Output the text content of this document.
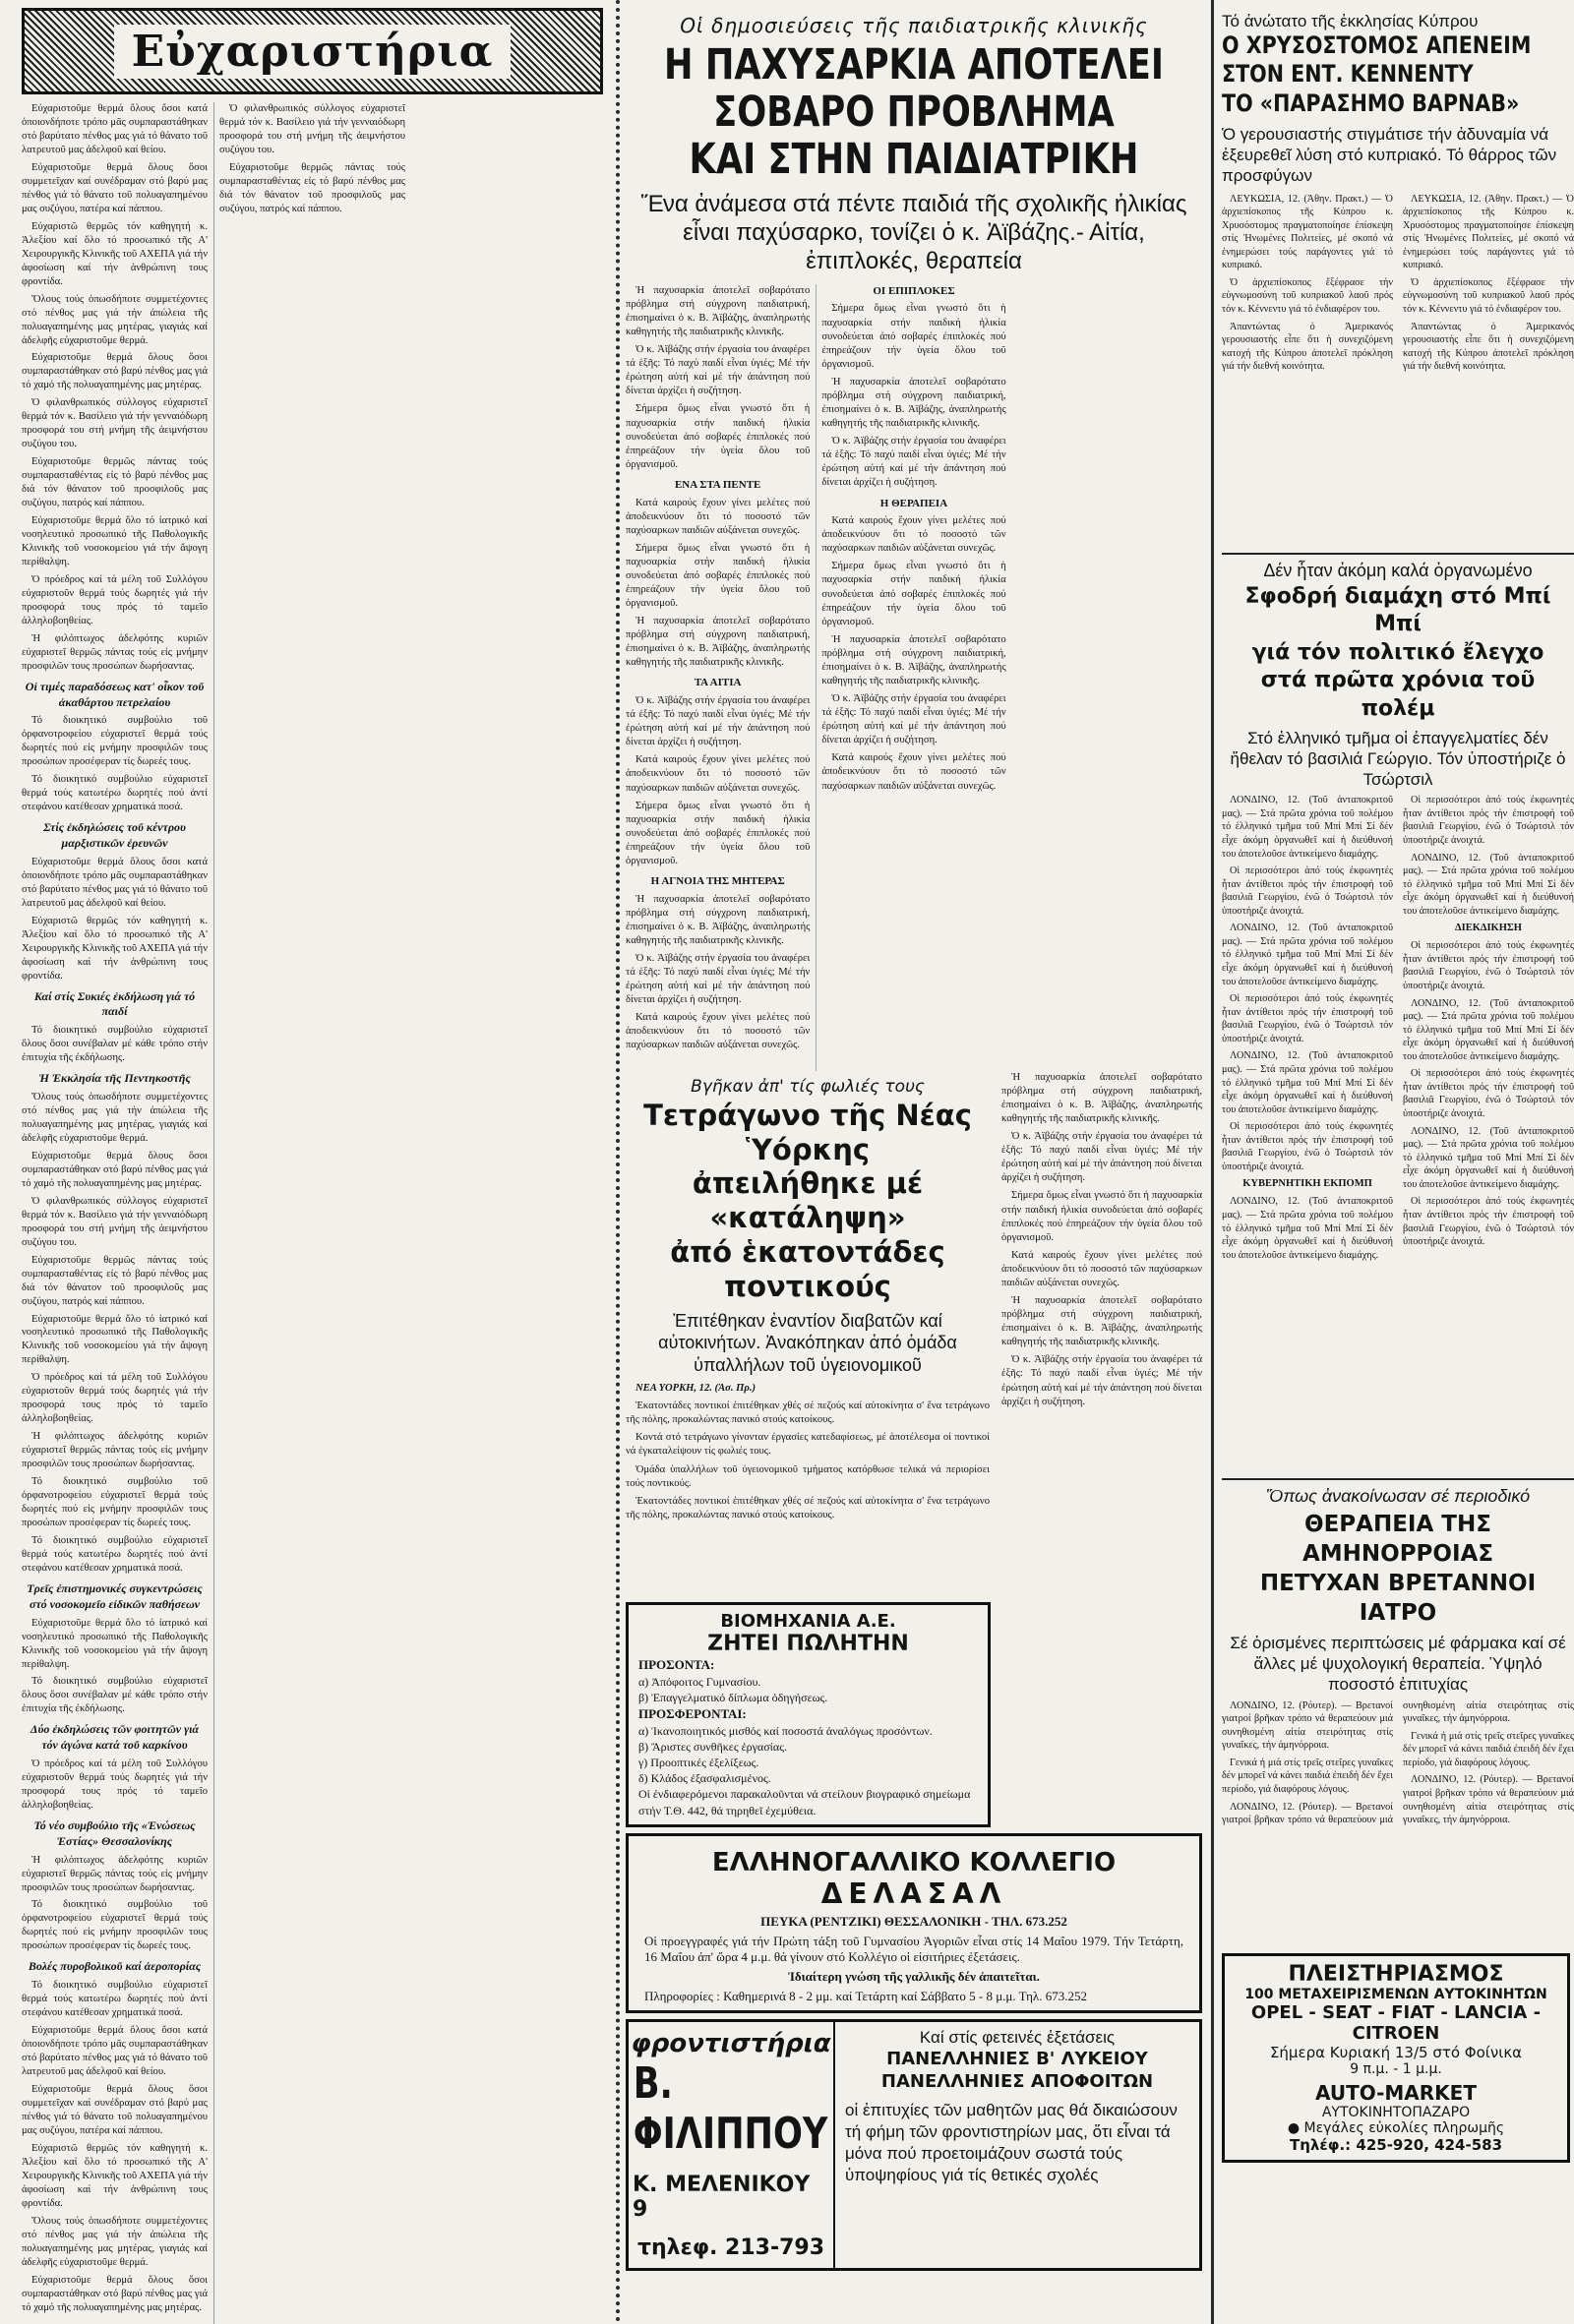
Εὐχαριστήρια

Εὐχαριστοῦμε θερμά ὅλους ὅσοι κατά ὁποιονδήποτε τρόπο μᾶς συμπαραστάθηκαν στό βαρύτατο πένθος μας γιά τό θάνατο τοῦ λατρευτοῦ μας ἀδελφοῦ καί θείου.

Εὐχαριστοῦμε θερμά ὅλους ὅσοι συμμετεῖχαν καί συνέδραμαν στό βαρύ μας πένθος γιά τό θάνατο τοῦ πολυαγαπημένου μας συζύγου, πατέρα καί πάππου.

Εὐχαριστῶ θερμῶς τόν καθηγητή κ. Ἀλεξίου καί ὅλο τό προσωπικό τῆς Α' Χειρουργικῆς Κλινικῆς τοῦ ΑΧΕΠΑ γιά τήν ἀφοσίωση καί τήν ἀνθρώπινη τους φροντίδα.

Ὅλους τούς ὁπωσδήποτε συμμετέχοντες στό πένθος μας γιά τήν ἀπώλεια τῆς πολυαγαπημένης μας μητέρας, γιαγιάς καί ἀδελφῆς εὐχαριστοῦμε θερμά.

Εὐχαριστοῦμε θερμά ὅλους ὅσοι συμπαραστάθηκαν στό βαρύ πένθος μας γιά τό χαμό τῆς πολυαγαπημένης μας μητέρας.

Ὁ φιλανθρωπικός σύλλογος εὐχαριστεῖ θερμά τόν κ. Βασίλειο γιά τήν γενναιόδωρη προσφορά του στή μνήμη τῆς ἀειμνήστου συζύγου του.

Εὐχαριστοῦμε θερμῶς πάντας τούς συμπαρασταθέντας εἰς τό βαρύ πένθος μας διά τόν θάνατον τοῦ προσφιλοῦς μας συζύγου, πατρός καί πάππου.

Εὐχαριστοῦμε θερμά ὅλο τό ἰατρικό καί νοσηλευτικό προσωπικό τῆς Παθολογικῆς Κλινικῆς τοῦ νοσοκομείου γιά τήν ἄψογη περίθαλψη.

Ὁ πρόεδρος καί τά μέλη τοῦ Συλλόγου εὐχαριστοῦν θερμά τούς δωρητές γιά τήν προσφορά τους πρός τό ταμεῖο ἀλληλοβοηθείας.

Ἡ φιλόπτωχος ἀδελφότης κυριῶν εὐχαριστεῖ θερμῶς πάντας τούς εἰς μνήμην προσφιλῶν τους προσώπων δωρήσαντας.

Οἱ τιμές παραδόσεως κατ' οἶκον τοῦ ἀκαθάρτου πετρελαίου

Τό διοικητικό συμβούλιο τοῦ ὀρφανοτροφείου εὐχαριστεῖ θερμά τούς δωρητές πού εἰς μνήμην προσφιλῶν τους προσώπων προσέφεραν τίς δωρεές τους.

Τό διοικητικό συμβούλιο εὐχαριστεῖ θερμά τούς κατωτέρω δωρητές πού ἀντί στεφάνου κατέθεσαν χρηματικά ποσά.

Στίς ἐκδηλώσεις τοῦ κέντρου μαρξιστικῶν ἐρευνῶν

Εὐχαριστοῦμε θερμά ὅλους ὅσοι κατά ὁποιονδήποτε τρόπο μᾶς συμπαραστάθηκαν στό βαρύτατο πένθος μας γιά τό θάνατο τοῦ λατρευτοῦ μας ἀδελφοῦ καί θείου.

Εὐχαριστῶ θερμῶς τόν καθηγητή κ. Ἀλεξίου καί ὅλο τό προσωπικό τῆς Α' Χειρουργικῆς Κλινικῆς τοῦ ΑΧΕΠΑ γιά τήν ἀφοσίωση καί τήν ἀνθρώπινη τους φροντίδα.

Καί στίς Συκιές ἐκδήλωση γιά τό παιδί

Τό διοικητικό συμβούλιο εὐχαριστεῖ ὅλους ὅσοι συνέβαλαν μέ κάθε τρόπο στήν ἐπιτυχία τῆς ἐκδήλωσης.

Ἡ Ἐκκλησία τῆς Πεντηκοστῆς

Ὅλους τούς ὁπωσδήποτε συμμετέχοντες στό πένθος μας γιά τήν ἀπώλεια τῆς πολυαγαπημένης μας μητέρας, γιαγιάς καί ἀδελφῆς εὐχαριστοῦμε θερμά.

Εὐχαριστοῦμε θερμά ὅλους ὅσοι συμπαραστάθηκαν στό βαρύ πένθος μας γιά τό χαμό τῆς πολυαγαπημένης μας μητέρας.

Ὁ φιλανθρωπικός σύλλογος εὐχαριστεῖ θερμά τόν κ. Βασίλειο γιά τήν γενναιόδωρη προσφορά του στή μνήμη τῆς ἀειμνήστου συζύγου του.

Εὐχαριστοῦμε θερμῶς πάντας τούς συμπαρασταθέντας εἰς τό βαρύ πένθος μας διά τόν θάνατον τοῦ προσφιλοῦς μας συζύγου, πατρός καί πάππου.

Εὐχαριστοῦμε θερμά ὅλο τό ἰατρικό καί νοσηλευτικό προσωπικό τῆς Παθολογικῆς Κλινικῆς τοῦ νοσοκομείου γιά τήν ἄψογη περίθαλψη.

Ὁ πρόεδρος καί τά μέλη τοῦ Συλλόγου εὐχαριστοῦν θερμά τούς δωρητές γιά τήν προσφορά τους πρός τό ταμεῖο ἀλληλοβοηθείας.

Ἡ φιλόπτωχος ἀδελφότης κυριῶν εὐχαριστεῖ θερμῶς πάντας τούς εἰς μνήμην προσφιλῶν τους προσώπων δωρήσαντας.

Τό διοικητικό συμβούλιο τοῦ ὀρφανοτροφείου εὐχαριστεῖ θερμά τούς δωρητές πού εἰς μνήμην προσφιλῶν τους προσώπων προσέφεραν τίς δωρεές τους.

Τό διοικητικό συμβούλιο εὐχαριστεῖ θερμά τούς κατωτέρω δωρητές πού ἀντί στεφάνου κατέθεσαν χρηματικά ποσά.

Τρεῖς ἐπιστημονικές συγκεντρώσεις στό νοσοκομεῖο εἰδικῶν παθήσεων

Εὐχαριστοῦμε θερμά ὅλο τό ἰατρικό καί νοσηλευτικό προσωπικό τῆς Παθολογικῆς Κλινικῆς τοῦ νοσοκομείου γιά τήν ἄψογη περίθαλψη.

Τό διοικητικό συμβούλιο εὐχαριστεῖ ὅλους ὅσοι συνέβαλαν μέ κάθε τρόπο στήν ἐπιτυχία τῆς ἐκδήλωσης.

Δύο ἐκδηλώσεις τῶν φοιτητῶν γιά τόν ἀγώνα κατά τοῦ καρκίνου

Ὁ πρόεδρος καί τά μέλη τοῦ Συλλόγου εὐχαριστοῦν θερμά τούς δωρητές γιά τήν προσφορά τους πρός τό ταμεῖο ἀλληλοβοηθείας.

Τό νέο συμβούλιο τῆς «Ἑνώσεως Ἑστίας» Θεσσαλονίκης

Ἡ φιλόπτωχος ἀδελφότης κυριῶν εὐχαριστεῖ θερμῶς πάντας τούς εἰς μνήμην προσφιλῶν τους προσώπων δωρήσαντας.

Τό διοικητικό συμβούλιο τοῦ ὀρφανοτροφείου εὐχαριστεῖ θερμά τούς δωρητές πού εἰς μνήμην προσφιλῶν τους προσώπων προσέφεραν τίς δωρεές τους.

Βολές πυροβολικοῦ καί ἀεροπορίας

Τό διοικητικό συμβούλιο εὐχαριστεῖ θερμά τούς κατωτέρω δωρητές πού ἀντί στεφάνου κατέθεσαν χρηματικά ποσά.

Εὐχαριστοῦμε θερμά ὅλους ὅσοι κατά ὁποιονδήποτε τρόπο μᾶς συμπαραστάθηκαν στό βαρύτατο πένθος μας γιά τό θάνατο τοῦ λατρευτοῦ μας ἀδελφοῦ καί θείου.

Εὐχαριστοῦμε θερμά ὅλους ὅσοι συμμετεῖχαν καί συνέδραμαν στό βαρύ μας πένθος γιά τό θάνατο τοῦ πολυαγαπημένου μας συζύγου, πατέρα καί πάππου.

Εὐχαριστῶ θερμῶς τόν καθηγητή κ. Ἀλεξίου καί ὅλο τό προσωπικό τῆς Α' Χειρουργικῆς Κλινικῆς τοῦ ΑΧΕΠΑ γιά τήν ἀφοσίωση καί τήν ἀνθρώπινη τους φροντίδα.

Ὅλους τούς ὁπωσδήποτε συμμετέχοντες στό πένθος μας γιά τήν ἀπώλεια τῆς πολυαγαπημένης μας μητέρας, γιαγιάς καί ἀδελφῆς εὐχαριστοῦμε θερμά.

Εὐχαριστοῦμε θερμά ὅλους ὅσοι συμπαραστάθηκαν στό βαρύ πένθος μας γιά τό χαμό τῆς πολυαγαπημένης μας μητέρας.

Ὁ φιλανθρωπικός σύλλογος εὐχαριστεῖ θερμά τόν κ. Βασίλειο γιά τήν γενναιόδωρη προσφορά του στή μνήμη τῆς ἀειμνήστου συζύγου του.

Εὐχαριστοῦμε θερμῶς πάντας τούς συμπαρασταθέντας εἰς τό βαρύ πένθος μας διά τόν θάνατον τοῦ προσφιλοῦς μας συζύγου, πατρός καί πάππου.

Οἱ δημοσιεύσεις τῆς παιδιατρικῆς κλινικῆς
Η ΠΑΧΥΣΑΡΚΙΑ ΑΠΟΤΕΛΕΙ
ΣΟΒΑΡΟ ΠΡΟΒΛΗΜΑ
ΚΑΙ ΣΤΗΝ ΠΑΙΔΙΑΤΡΙΚΗ
Ἕνα ἀνάμεσα στά πέντε παιδιά τῆς σχολικῆς ἡλικίας εἶναι παχύσαρκο, τονίζει ὁ κ. Ἀϊβάζης.- Αἰτία, ἐπιπλοκές, θεραπεία

Ἡ παχυσαρκία ἀποτελεῖ σοβαρότατο πρόβλημα στή σύγχρονη παιδιατρική, ἐπισημαίνει ὁ κ. Β. Ἀϊβάζης, ἀναπληρωτής καθηγητής τῆς παιδιατρικῆς κλινικῆς.

Ὁ κ. Ἀϊβάζης στήν ἐργασία του ἀναφέρει τά ἑξῆς: Τό παχύ παιδί εἶναι ὑγιές; Μέ τήν ἐρώτηση αὐτή καί μέ τήν ἀπάντηση πού δίνεται ἀρχίζει ἡ συζήτηση.

Σήμερα ὅμως εἶναι γνωστό ὅτι ἡ παχυσαρκία στήν παιδική ἡλικία συνοδεύεται ἀπό σοβαρές ἐπιπλοκές πού ἐπηρεάζουν τήν ὑγεία ὅλου τοῦ ὀργανισμοῦ.

ΕΝΑ ΣΤΑ ΠΕΝΤΕ

Κατά καιρούς ἔχουν γίνει μελέτες πού ἀποδεικνύουν ὅτι τό ποσοστό τῶν παχύσαρκων παιδιῶν αὐξάνεται συνεχῶς.

Σήμερα ὅμως εἶναι γνωστό ὅτι ἡ παχυσαρκία στήν παιδική ἡλικία συνοδεύεται ἀπό σοβαρές ἐπιπλοκές πού ἐπηρεάζουν τήν ὑγεία ὅλου τοῦ ὀργανισμοῦ.

Ἡ παχυσαρκία ἀποτελεῖ σοβαρότατο πρόβλημα στή σύγχρονη παιδιατρική, ἐπισημαίνει ὁ κ. Β. Ἀϊβάζης, ἀναπληρωτής καθηγητής τῆς παιδιατρικῆς κλινικῆς.

ΤΑ ΑΙΤΙΑ

Ὁ κ. Ἀϊβάζης στήν ἐργασία του ἀναφέρει τά ἑξῆς: Τό παχύ παιδί εἶναι ὑγιές; Μέ τήν ἐρώτηση αὐτή καί μέ τήν ἀπάντηση πού δίνεται ἀρχίζει ἡ συζήτηση.

Κατά καιρούς ἔχουν γίνει μελέτες πού ἀποδεικνύουν ὅτι τό ποσοστό τῶν παχύσαρκων παιδιῶν αὐξάνεται συνεχῶς.

Σήμερα ὅμως εἶναι γνωστό ὅτι ἡ παχυσαρκία στήν παιδική ἡλικία συνοδεύεται ἀπό σοβαρές ἐπιπλοκές πού ἐπηρεάζουν τήν ὑγεία ὅλου τοῦ ὀργανισμοῦ.

Η ΑΓΝΟΙΑ ΤΗΣ ΜΗΤΕΡΑΣ

Ἡ παχυσαρκία ἀποτελεῖ σοβαρότατο πρόβλημα στή σύγχρονη παιδιατρική, ἐπισημαίνει ὁ κ. Β. Ἀϊβάζης, ἀναπληρωτής καθηγητής τῆς παιδιατρικῆς κλινικῆς.

Ὁ κ. Ἀϊβάζης στήν ἐργασία του ἀναφέρει τά ἑξῆς: Τό παχύ παιδί εἶναι ὑγιές; Μέ τήν ἐρώτηση αὐτή καί μέ τήν ἀπάντηση πού δίνεται ἀρχίζει ἡ συζήτηση.

Κατά καιρούς ἔχουν γίνει μελέτες πού ἀποδεικνύουν ὅτι τό ποσοστό τῶν παχύσαρκων παιδιῶν αὐξάνεται συνεχῶς.

ΟΙ ΕΠΙΠΛΟΚΕΣ

Σήμερα ὅμως εἶναι γνωστό ὅτι ἡ παχυσαρκία στήν παιδική ἡλικία συνοδεύεται ἀπό σοβαρές ἐπιπλοκές πού ἐπηρεάζουν τήν ὑγεία ὅλου τοῦ ὀργανισμοῦ.

Ἡ παχυσαρκία ἀποτελεῖ σοβαρότατο πρόβλημα στή σύγχρονη παιδιατρική, ἐπισημαίνει ὁ κ. Β. Ἀϊβάζης, ἀναπληρωτής καθηγητής τῆς παιδιατρικῆς κλινικῆς.

Ὁ κ. Ἀϊβάζης στήν ἐργασία του ἀναφέρει τά ἑξῆς: Τό παχύ παιδί εἶναι ὑγιές; Μέ τήν ἐρώτηση αὐτή καί μέ τήν ἀπάντηση πού δίνεται ἀρχίζει ἡ συζήτηση.

Η ΘΕΡΑΠΕΙΑ

Κατά καιρούς ἔχουν γίνει μελέτες πού ἀποδεικνύουν ὅτι τό ποσοστό τῶν παχύσαρκων παιδιῶν αὐξάνεται συνεχῶς.

Σήμερα ὅμως εἶναι γνωστό ὅτι ἡ παχυσαρκία στήν παιδική ἡλικία συνοδεύεται ἀπό σοβαρές ἐπιπλοκές πού ἐπηρεάζουν τήν ὑγεία ὅλου τοῦ ὀργανισμοῦ.

Ἡ παχυσαρκία ἀποτελεῖ σοβαρότατο πρόβλημα στή σύγχρονη παιδιατρική, ἐπισημαίνει ὁ κ. Β. Ἀϊβάζης, ἀναπληρωτής καθηγητής τῆς παιδιατρικῆς κλινικῆς.

Ὁ κ. Ἀϊβάζης στήν ἐργασία του ἀναφέρει τά ἑξῆς: Τό παχύ παιδί εἶναι ὑγιές; Μέ τήν ἐρώτηση αὐτή καί μέ τήν ἀπάντηση πού δίνεται ἀρχίζει ἡ συζήτηση.

Κατά καιρούς ἔχουν γίνει μελέτες πού ἀποδεικνύουν ὅτι τό ποσοστό τῶν παχύσαρκων παιδιῶν αὐξάνεται συνεχῶς.

Βγῆκαν ἀπ' τίς φωλιές τους
Τετράγωνο τῆς Νέας Ὑόρκης
ἀπειλήθηκε μέ «κατάληψη»
ἀπό ἑκατοντάδες ποντικούς
Ἐπιτέθηκαν ἐναντίον διαβατῶν καί αὐτοκινήτων. Ἀνακόπηκαν ἀπό ὁμάδα ὑπαλλήλων τοῦ ὑγειονομικοῦ

ΝΕΑ ΥΟΡΚΗ, 12. (Ἀσ. Πρ.)

Ἑκατοντάδες ποντικοί ἐπιτέθηκαν χθές σέ πεζούς καί αὐτοκίνητα σ' ἕνα τετράγωνο τῆς πόλης, προκαλώντας πανικό στούς κατοίκους.

Κοντά στό τετράγωνο γίνονταν ἐργασίες κατεδαφίσεως, μέ ἀποτέλεσμα οἱ ποντικοί νά ἐγκαταλείψουν τίς φωλιές τους.

Ὁμάδα ὑπαλλήλων τοῦ ὑγειονομικοῦ τμήματος κατόρθωσε τελικά νά περιορίσει τούς ποντικούς.

Ἑκατοντάδες ποντικοί ἐπιτέθηκαν χθές σέ πεζούς καί αὐτοκίνητα σ' ἕνα τετράγωνο τῆς πόλης, προκαλώντας πανικό στούς κατοίκους.

Ἡ παχυσαρκία ἀποτελεῖ σοβαρότατο πρόβλημα στή σύγχρονη παιδιατρική, ἐπισημαίνει ὁ κ. Β. Ἀϊβάζης, ἀναπληρωτής καθηγητής τῆς παιδιατρικῆς κλινικῆς.

Ὁ κ. Ἀϊβάζης στήν ἐργασία του ἀναφέρει τά ἑξῆς: Τό παχύ παιδί εἶναι ὑγιές; Μέ τήν ἐρώτηση αὐτή καί μέ τήν ἀπάντηση πού δίνεται ἀρχίζει ἡ συζήτηση.

Σήμερα ὅμως εἶναι γνωστό ὅτι ἡ παχυσαρκία στήν παιδική ἡλικία συνοδεύεται ἀπό σοβαρές ἐπιπλοκές πού ἐπηρεάζουν τήν ὑγεία ὅλου τοῦ ὀργανισμοῦ.

Κατά καιρούς ἔχουν γίνει μελέτες πού ἀποδεικνύουν ὅτι τό ποσοστό τῶν παχύσαρκων παιδιῶν αὐξάνεται συνεχῶς.

Ἡ παχυσαρκία ἀποτελεῖ σοβαρότατο πρόβλημα στή σύγχρονη παιδιατρική, ἐπισημαίνει ὁ κ. Β. Ἀϊβάζης, ἀναπληρωτής καθηγητής τῆς παιδιατρικῆς κλινικῆς.

Ὁ κ. Ἀϊβάζης στήν ἐργασία του ἀναφέρει τά ἑξῆς: Τό παχύ παιδί εἶναι ὑγιές; Μέ τήν ἐρώτηση αὐτή καί μέ τήν ἀπάντηση πού δίνεται ἀρχίζει ἡ συζήτηση.

ΒΙΟΜΗΧΑΝΙΑ Α.Ε.
ΖΗΤΕΙ ΠΩΛΗΤΗΝ
ΠΡΟΣΟΝΤΑ:
α) Ἀπόφοιτος Γυμνασίου.
β) Ἐπαγγελματικό δίπλωμα ὁδηγήσεως.
ΠΡΟΣΦΕΡΟΝΤΑΙ:
α) Ἱκανοποιητικός μισθός καί ποσοστά ἀναλόγως προσόντων.
β) Ἄριστες συνθῆκες ἐργασίας.
γ) Προοπτικές ἐξελίξεως.
δ) Κλάδος ἐξασφαλισμένος.
Οἱ ἐνδιαφερόμενοι παρακαλοῦνται νά στείλουν βιογραφικό σημείωμα στήν Τ.Θ. 442, θά τηρηθεῖ ἐχεμύθεια.
ΕΛΛΗΝΟΓΑΛΛΙΚΟ ΚΟΛΛΕΓΙΟ
ΔΕΛΑΣΑΛ
ΠΕΥΚΑ (ΡΕΝΤΖΙΚΙ) ΘΕΣΣΑΛΟΝΙΚΗ - ΤΗΛ. 673.252
Οἱ προεγγραφές γιά τήν Πρώτη τάξη τοῦ Γυμνασίου Ἀγοριῶν εἶναι στίς 14 Μαΐου 1979. Τήν Τετάρτη, 16 Μαΐου ἀπ' ὥρα 4 μ.μ. θά γίνουν στό Κολλέγιο οἱ εἰσιτήριες ἐξετάσεις.
Ἰδιαίτερη γνώση τῆς γαλλικῆς δέν ἀπαιτεῖται.
Πληροφορίες : Καθημερινά 8 - 2 μμ. καί Τετάρτη καί Σάββατο 5 - 8 μ.μ. Τηλ. 673.252
φροντιστήρια
Β. ΦΙΛΙΠΠΟΥ
Κ. ΜΕΛΕΝΙΚΟΥ 9
τηλεφ. 213-793
Καί στίς φετεινές ἐξετάσεις
ΠΑΝΕΛΛΗΝΙΕΣ Β' ΛΥΚΕΙΟΥ
ΠΑΝΕΛΛΗΝΙΕΣ ΑΠΟΦΟΙΤΩΝ
οἱ ἐπιτυχίες τῶν μαθητῶν μας θά δικαιώσουν τή φήμη τῶν φροντιστηρίων μας, ὅτι εἶναι τά μόνα πού προετοιμάζουν σωστά τούς ὑποψηφίους γιά τίς θετικές σχολές
Τό ἀνώτατο τῆς ἐκκλησίας Κύπρου
Ο ΧΡΥΣΟΣΤΟΜΟΣ ΑΠΕΝΕΙΜ
ΣΤΟΝ ΕΝΤ. ΚΕΝΝΕΝΤΥ
ΤΟ «ΠΑΡΑΣΗΜΟ ΒΑΡΝΑΒ»
Ὁ γερουσιαστής στιγμάτισε τήν ἀδυναμία νά ἐξευρεθεῖ λύση στό κυπριακό. Τό θάρρος τῶν προσφύγων

ΛΕΥΚΩΣΙΑ, 12. (Ἀθην. Πρακτ.) — Ὁ ἀρχιεπίσκοπος τῆς Κύπρου κ. Χρυσόστομος πραγματοποίησε ἐπίσκεψη στίς Ἡνωμένες Πολιτείες, μέ σκοπό νά ἐνημερώσει τούς παράγοντες γιά τό κυπριακό.

Ὁ ἀρχιεπίσκοπος ἔξέφρασε τήν εὐγνωμοσύνη τοῦ κυπριακοῦ λαοῦ πρός τόν κ. Κέννεντυ γιά τό ἐνδιαφέρον του.

Ἀπαντώντας ὁ Ἀμερικανός γερουσιαστής εἶπε ὅτι ἡ συνεχιζόμενη κατοχή τῆς Κύπρου ἀποτελεῖ πρόκληση γιά τήν διεθνή κοινότητα.

ΛΕΥΚΩΣΙΑ, 12. (Ἀθην. Πρακτ.) — Ὁ ἀρχιεπίσκοπος τῆς Κύπρου κ. Χρυσόστομος πραγματοποίησε ἐπίσκεψη στίς Ἡνωμένες Πολιτείες, μέ σκοπό νά ἐνημερώσει τούς παράγοντες γιά τό κυπριακό.

Ὁ ἀρχιεπίσκοπος ἔξέφρασε τήν εὐγνωμοσύνη τοῦ κυπριακοῦ λαοῦ πρός τόν κ. Κέννεντυ γιά τό ἐνδιαφέρον του.

Ἀπαντώντας ὁ Ἀμερικανός γερουσιαστής εἶπε ὅτι ἡ συνεχιζόμενη κατοχή τῆς Κύπρου ἀποτελεῖ πρόκληση γιά τήν διεθνή κοινότητα.

Δέν ἦταν ἀκόμη καλά ὀργανωμένο
Σφοδρή διαμάχη στό Μπί Μπί
γιά τόν πολιτικό ἔλεγχο
στά πρῶτα χρόνια τοῦ πολέμ
Στό ἑλληνικό τμῆμα οἱ ἐπαγγελματίες δέν ἤθελαν τό βασιλιά Γεώργιο. Τόν ὑποστήριζε ὁ Τσώρτσιλ

ΛΟΝΔΙΝΟ, 12. (Τοῦ ἀνταποκριτοῦ μας). — Στά πρῶτα χρόνια τοῦ πολέμου τό ἑλληνικό τμῆμα τοῦ Μπί Μπί Σί δέν εἶχε ἀκόμη ὀργανωθεῖ καί ἡ διεύθυνσή του ἀποτελοῦσε ἀντικείμενο διαμάχης.

Οἱ περισσότεροι ἀπό τούς ἐκφωνητές ἦταν ἀντίθετοι πρός τήν ἐπιστροφή τοῦ βασιλιᾶ Γεωργίου, ἐνῶ ὁ Τσώρτσιλ τόν ὑποστήριζε ἀνοιχτά.

ΛΟΝΔΙΝΟ, 12. (Τοῦ ἀνταποκριτοῦ μας). — Στά πρῶτα χρόνια τοῦ πολέμου τό ἑλληνικό τμῆμα τοῦ Μπί Μπί Σί δέν εἶχε ἀκόμη ὀργανωθεῖ καί ἡ διεύθυνσή του ἀποτελοῦσε ἀντικείμενο διαμάχης.

Οἱ περισσότεροι ἀπό τούς ἐκφωνητές ἦταν ἀντίθετοι πρός τήν ἐπιστροφή τοῦ βασιλιᾶ Γεωργίου, ἐνῶ ὁ Τσώρτσιλ τόν ὑποστήριζε ἀνοιχτά.

ΛΟΝΔΙΝΟ, 12. (Τοῦ ἀνταποκριτοῦ μας). — Στά πρῶτα χρόνια τοῦ πολέμου τό ἑλληνικό τμῆμα τοῦ Μπί Μπί Σί δέν εἶχε ἀκόμη ὀργανωθεῖ καί ἡ διεύθυνσή του ἀποτελοῦσε ἀντικείμενο διαμάχης.

Οἱ περισσότεροι ἀπό τούς ἐκφωνητές ἦταν ἀντίθετοι πρός τήν ἐπιστροφή τοῦ βασιλιᾶ Γεωργίου, ἐνῶ ὁ Τσώρτσιλ τόν ὑποστήριζε ἀνοιχτά.

ΚΥΒΕΡΝΗΤΙΚΗ ΕΚΠΟΜΠ

ΛΟΝΔΙΝΟ, 12. (Τοῦ ἀνταποκριτοῦ μας). — Στά πρῶτα χρόνια τοῦ πολέμου τό ἑλληνικό τμῆμα τοῦ Μπί Μπί Σί δέν εἶχε ἀκόμη ὀργανωθεῖ καί ἡ διεύθυνσή του ἀποτελοῦσε ἀντικείμενο διαμάχης.

Οἱ περισσότεροι ἀπό τούς ἐκφωνητές ἦταν ἀντίθετοι πρός τήν ἐπιστροφή τοῦ βασιλιᾶ Γεωργίου, ἐνῶ ὁ Τσώρτσιλ τόν ὑποστήριζε ἀνοιχτά.

ΛΟΝΔΙΝΟ, 12. (Τοῦ ἀνταποκριτοῦ μας). — Στά πρῶτα χρόνια τοῦ πολέμου τό ἑλληνικό τμῆμα τοῦ Μπί Μπί Σί δέν εἶχε ἀκόμη ὀργανωθεῖ καί ἡ διεύθυνσή του ἀποτελοῦσε ἀντικείμενο διαμάχης.

ΔΙΕΚΔΙΚΗΣΗ

Οἱ περισσότεροι ἀπό τούς ἐκφωνητές ἦταν ἀντίθετοι πρός τήν ἐπιστροφή τοῦ βασιλιᾶ Γεωργίου, ἐνῶ ὁ Τσώρτσιλ τόν ὑποστήριζε ἀνοιχτά.

ΛΟΝΔΙΝΟ, 12. (Τοῦ ἀνταποκριτοῦ μας). — Στά πρῶτα χρόνια τοῦ πολέμου τό ἑλληνικό τμῆμα τοῦ Μπί Μπί Σί δέν εἶχε ἀκόμη ὀργανωθεῖ καί ἡ διεύθυνσή του ἀποτελοῦσε ἀντικείμενο διαμάχης.

Οἱ περισσότεροι ἀπό τούς ἐκφωνητές ἦταν ἀντίθετοι πρός τήν ἐπιστροφή τοῦ βασιλιᾶ Γεωργίου, ἐνῶ ὁ Τσώρτσιλ τόν ὑποστήριζε ἀνοιχτά.

ΛΟΝΔΙΝΟ, 12. (Τοῦ ἀνταποκριτοῦ μας). — Στά πρῶτα χρόνια τοῦ πολέμου τό ἑλληνικό τμῆμα τοῦ Μπί Μπί Σί δέν εἶχε ἀκόμη ὀργανωθεῖ καί ἡ διεύθυνσή του ἀποτελοῦσε ἀντικείμενο διαμάχης.

Οἱ περισσότεροι ἀπό τούς ἐκφωνητές ἦταν ἀντίθετοι πρός τήν ἐπιστροφή τοῦ βασιλιᾶ Γεωργίου, ἐνῶ ὁ Τσώρτσιλ τόν ὑποστήριζε ἀνοιχτά.

Ὅπως ἀνακοίνωσαν σέ περιοδικό
ΘΕΡΑΠΕΙΑ ΤΗΣ ΑΜΗΝΟΡΡΟΙΑΣ
ΠΕΤΥΧΑΝ ΒΡΕΤΑΝΝΟΙ ΙΑΤΡΟ
Σέ ὁρισμένες περιπτώσεις μέ φάρμακα καί σέ ἄλλες μέ ψυχολογική θεραπεία. Ὑψηλό ποσοστό ἐπιτυχίας

ΛΟΝΔΙΝΟ, 12. (Ρόυτερ). — Βρετανοί γιατροί βρῆκαν τρόπο νά θεραπεύουν μιά συνηθισμένη αἰτία στειρότητας στίς γυναῖκες, τήν ἀμηνόρροια.

Γενικά ἡ μιά στίς τρεῖς στεῖρες γυναῖκες δέν μπορεῖ νά κάνει παιδιά ἐπειδή δέν ἔχει περίοδο, γιά διαφόρους λόγους.

ΛΟΝΔΙΝΟ, 12. (Ρόυτερ). — Βρετανοί γιατροί βρῆκαν τρόπο νά θεραπεύουν μιά συνηθισμένη αἰτία στειρότητας στίς γυναῖκες, τήν ἀμηνόρροια.

Γενικά ἡ μιά στίς τρεῖς στεῖρες γυναῖκες δέν μπορεῖ νά κάνει παιδιά ἐπειδή δέν ἔχει περίοδο, γιά διαφόρους λόγους.

ΛΟΝΔΙΝΟ, 12. (Ρόυτερ). — Βρετανοί γιατροί βρῆκαν τρόπο νά θεραπεύουν μιά συνηθισμένη αἰτία στειρότητας στίς γυναῖκες, τήν ἀμηνόρροια.

ΠΛΕΙΣΤΗΡΙΑΣΜΟΣ
100 ΜΕΤΑΧΕΙΡΙΣΜΕΝΩΝ ΑΥΤΟΚΙΝΗΤΩΝ
OPEL - SEAT - FIAT - LANCIA - CITROEN
Σήμερα Κυριακή 13/5 στό Φοίνικα
9 π.μ. - 1 μ.μ.
AUTO-MARKET
ΑΥΤΟΚΙΝΗΤΟΠΑΖΑΡΟ
● Μεγάλες εὐκολίες πληρωμῆς
Τηλέφ.: 425-920, 424-583
